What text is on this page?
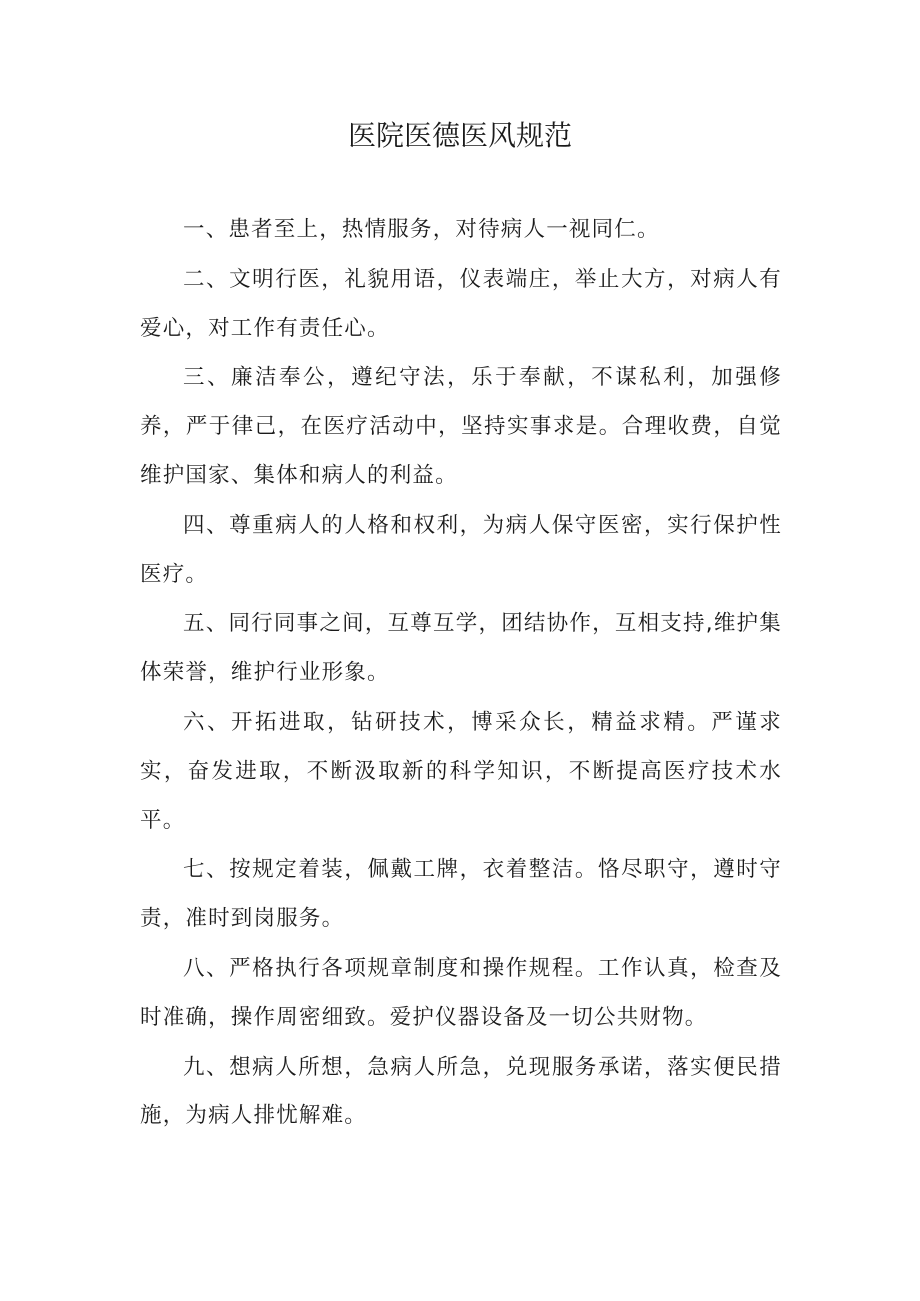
医院医德医风规范

一、患者至上，热情服务，对待病人一视同仁。

二、文明行医，礼貌用语，仪表端庄，举止大方，对病人有爱心，对工作有责任心。

三、廉洁奉公，遵纪守法，乐于奉献，不谋私利，加强修养，严于律己，在医疗活动中，坚持实事求是。合理收费，自觉维护国家、集体和病人的利益。

四、尊重病人的人格和权利，为病人保守医密，实行保护性医疗。

五、同行同事之间，互尊互学，团结协作，互相支持,维护集体荣誉，维护行业形象。

六、开拓进取，钻研技术，博采众长，精益求精。严谨求实，奋发进取，不断汲取新的科学知识，不断提高医疗技术水平。

七、按规定着装，佩戴工牌，衣着整洁。恪尽职守，遵时守责，准时到岗服务。

八、严格执行各项规章制度和操作规程。工作认真，检查及时准确，操作周密细致。爱护仪器设备及一切公共财物。

九、想病人所想，急病人所急，兑现服务承诺，落实便民措施，为病人排忧解难。
